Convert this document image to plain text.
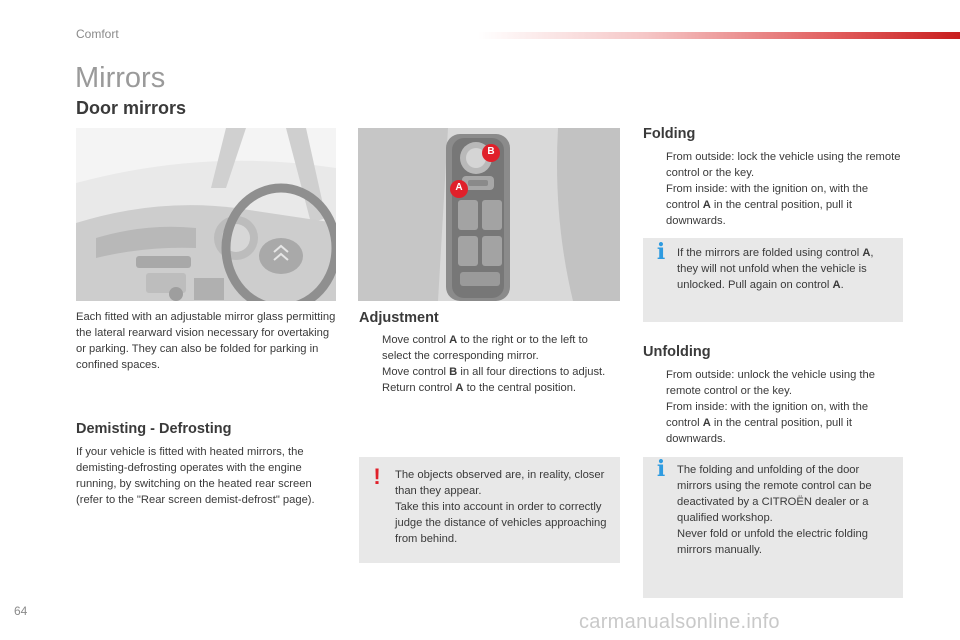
Comfort
Mirrors
Door mirrors
B
A
Each fitted with an adjustable mirror glass permitting the lateral rearward vision necessary for overtaking or parking. They can also be folded for parking in confined spaces.
Demisting - Defrosting
If your vehicle is fitted with heated mirrors, the demisting-defrosting operates with the engine running, by switching on the heated rear screen (refer to the "Rear screen demist-defrost" page).
Adjustment
Move control A to the right or to the left to select the corresponding mirror.
Move control B in all four directions to adjust.
Return control A to the central position.
!	The objects observed are, in reality, closer than they appear.
Take this into account in order to correctly judge the distance of vehicles approaching from behind.
Folding
From outside: lock the vehicle using the remote control or the key.
From inside: with the ignition on, with the control A in the central position, pull it downwards.
i	If the mirrors are folded using control A, they will not unfold when the vehicle is unlocked. Pull again on control A.
Unfolding
From outside: unlock the vehicle using the remote control or the key.
From inside: with the ignition on, with the control A in the central position, pull it downwards.
i	The folding and unfolding of the door mirrors using the remote control can be deactivated by a CITROËN dealer or a qualified workshop.
Never fold or unfold the electric folding mirrors manually.
64	carmanualsonline.info
